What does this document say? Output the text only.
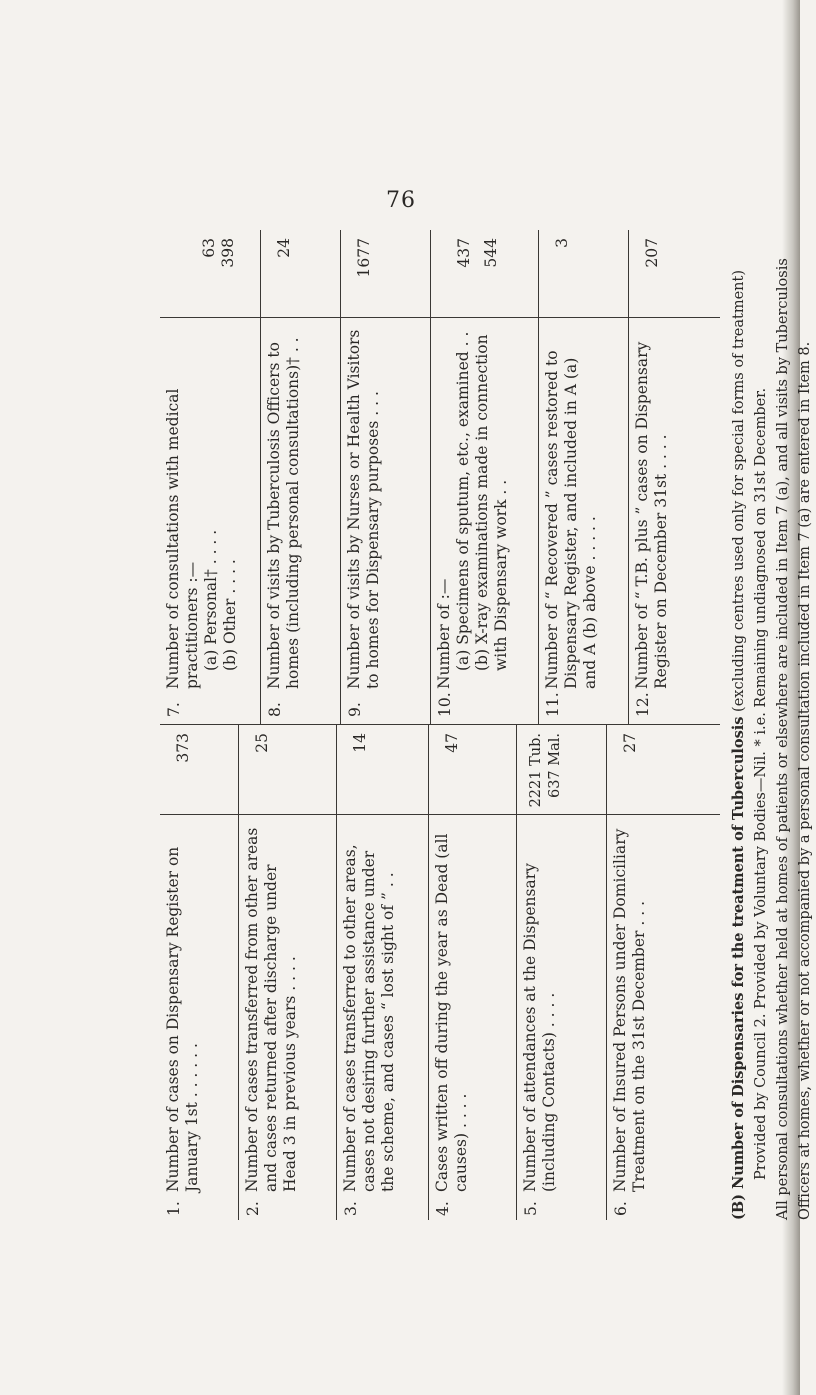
76
1.
Number of cases on Dispensary Register on January 1st . . . . . .
373
2.
Number of cases transferred from other areas and cases returned after discharge under Head 3 in previous years . . . .
25
3.
Number of cases transferred to other areas, cases not desiring further assistance under the scheme, and cases “ lost sight of ” . .
14
4.
Cases written off during the year as Dead (all causes) . . . .
47
5.
Number of attendances at the Dispensary (including Contacts) . . . .
2221 Tub. 637 Mal.
6.
Number of Insured Persons under Domiciliary Treatment on the 31st December . . .
27
7.
Number of consultations with medical practitioners :— (a) Personal† . . . . (b) Other . . . .
63 398
8.
Number of visits by Tuberculosis Officers to homes (including personal consultations)† . .
24
9.
Number of visits by Nurses or Health Visitors to homes for Dispensary purposes . . .
1677
10.
Number of :— (a) Specimens of sputum, etc., examined . . (b) X-ray examinations made in connection with Dispensary work . .
437 544
11.
Number of “ Recovered ” cases restored to Dispensary Register, and included in A (a) and A (b) above . . . . .
3
12.
Number of “ T.B. plus ” cases on Dispensary Register on December 31st . . . .
207
(B) Number of Dispensaries for the treatment of Tuberculosis (excluding centres used only for special forms of treatment) Provided by Council 2. Provided by Voluntary Bodies—Nil. * i.e. Remaining undiagnosed on 31st December. All personal consultations whether held at homes of patients or elsewhere are included in Item 7 (a), and all visits by Tuberculosis Officers at homes, whether or not accompanied by a personal consultation included in Item 7 (a) are entered in Item 8.
